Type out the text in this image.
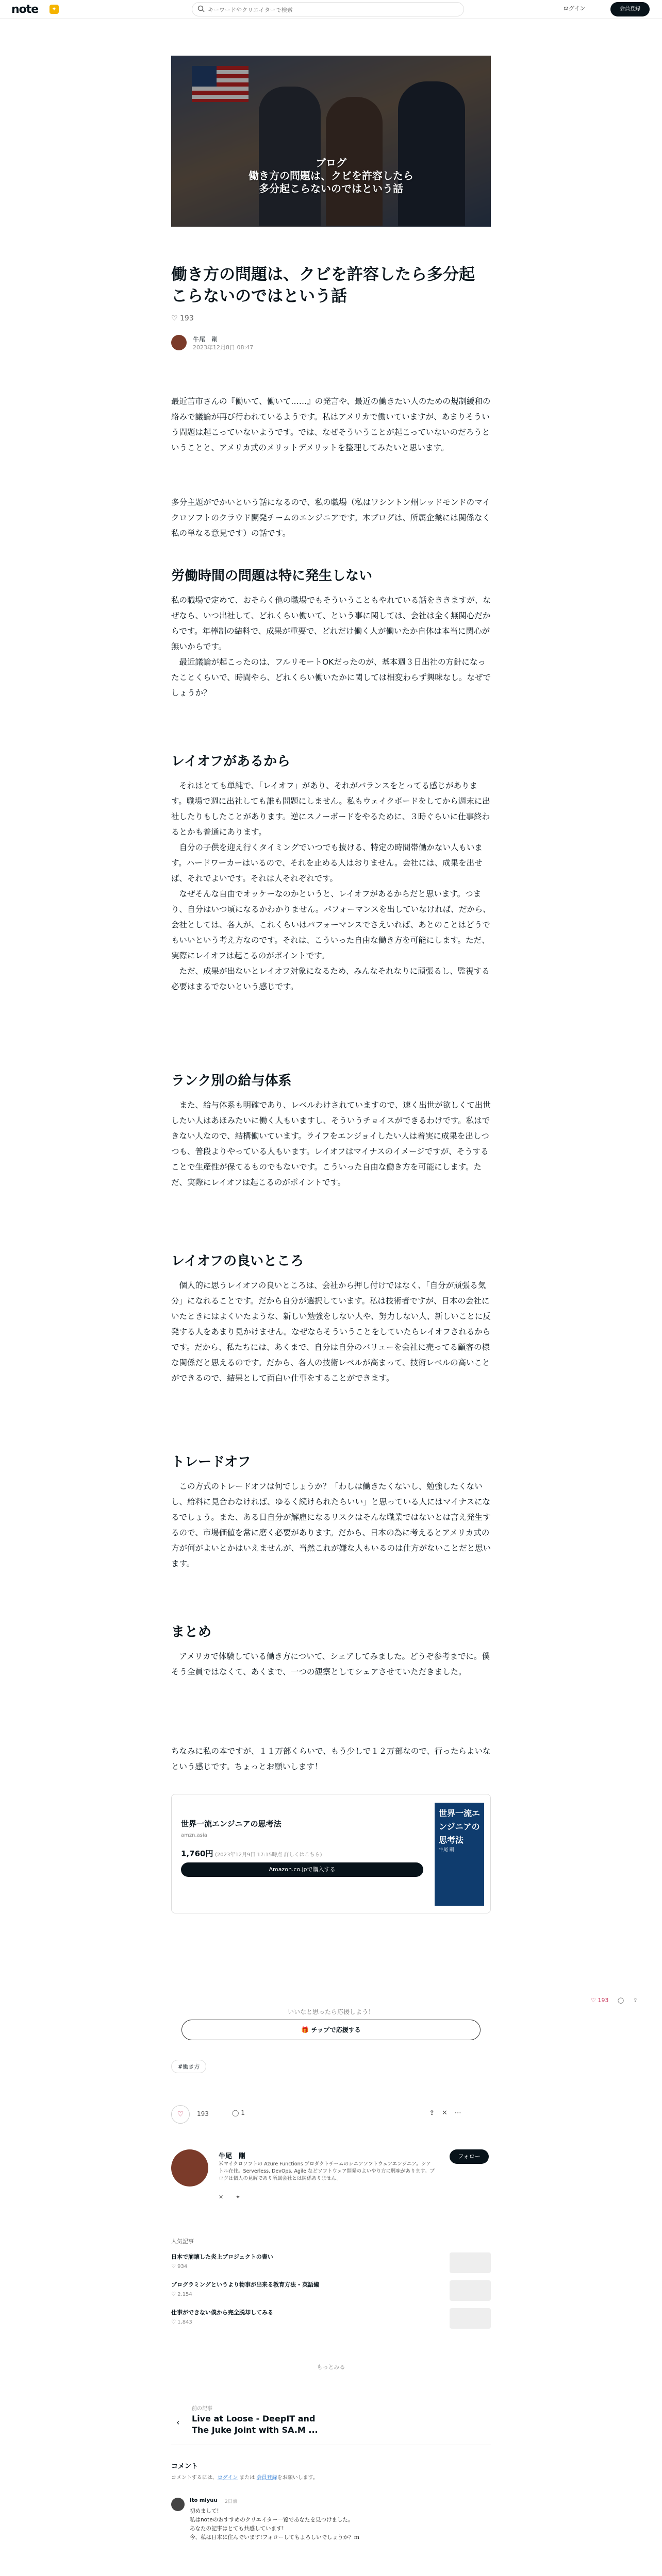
note	✦
キーワードやクリエイターで検索	ログイン	会員登録
ブログ
働き方の問題は、クビを許容したら
多分起こらないのではという話
働き方の問題は、クビを許容したら多分起
こらないのではという話
♡ 193
牛尾　剛
2023年12月8日 08:47

最近苫市さんの『働いて、働いて……』の発言や、最近の働きたい人のための規制緩和の絡みで議論が再び行われているようです。私はアメリカで働いていますが、あまりそういう問題は起こっていないようです。では、なぜそういうことが起こっていないのだろうということと、アメリカ式のメリットデメリットを整理してみたいと思います。

多分主題がでかいという話になるので、私の職場（私はワシントン州レッドモンドのマイクロソフトのクラウド開発チームのエンジニアです。本ブログは、所属企業には関係なく私の単なる意見です）の話です。

労働時間の問題は特に発生しない

私の職場で定めて、おそらく他の職場でもそういうこともやれている話をききますが、なぜなら、いつ出社して、どれくらい働いて、という事に関しては、会社は全く無関心だからです。年棒制の結料で、成果が重要で、どれだけ働く人が働いたか自体は本当に関心が無いからです。
　最近議論が起こったのは、フルリモートOKだったのが、基本週３日出社の方針になったことくらいで、時間やら、どれくらい働いたかに関しては相変わらず興味なし。なぜでしょうか？

レイオフがあるから

　それはとても単純で、「レイオフ」があり、それがバランスをとってる感じがあります。職場で週に出社しても誰も問題にしません。私もウェイクボードをしてから週末に出社したりもしたことがあります。逆にスノーボードをやるために、３時ぐらいに仕事終わるとかも普通にあります。
　自分の子供を迎え行くタイミングでいつでも抜ける、特定の時間帯働かない人もいます。ハードワーカーはいるので、それを止める人はおりません。会社には、成果を出せば、それでよいです。それは人それぞれです。
　なぜそんな自由でオッケーなのかというと、レイオフがあるからだと思います。つまり、自分はいつ頃になるかわかりません。パフォーマンスを出していなければ、だから、会社としては、各人が、これくらいはパフォーマンスでさえいれば、あとのことはどうでもいいという考え方なのです。それは、こういった自由な働き方を可能にします。ただ、実際にレイオフは起こるのがポイントです。
　ただ、成果が出ないとレイオフ対象になるため、みんなそれなりに頑張るし、監視する必要はまるでないという感じです。

ランク別の給与体系

　また、給与体系も明確であり、レベルわけされていますので、速く出世が欲しくて出世したい人はあほみたいに働く人もいますし、そういうチョイスができるわけです。私はできない人なので、結構働いています。ライフをエンジョイしたい人は着実に成果を出しつつも、普段よりやっている人もいます。レイオフはマイナスのイメージですが、そうすることで生産性が保てるものでもないです。こういった自由な働き方を可能にします。ただ、実際にレイオフは起こるのがポイントです。

レイオフの良いところ

　個人的に思うレイオフの良いところは、会社から押し付けではなく、「自分が頑張る気分」になれることです。だから自分が選択しています。私は技術者ですが、日本の会社にいたときにはよくいたような、新しい勉強をしない人や、努力しない人、新しいことに反発する人をあまり見かけません。なぜならそういうことをしていたらレイオフされるからです。だから、私たちには、あくまで、自分は自分のバリューを会社に売ってる顧客の様な関係だと思えるのです。だから、各人の技術レベルが高まって、技術レベルの高いことができるので、結果として面白い仕事をすることができます。

トレードオフ

　この方式のトレードオフは何でしょうか？「わしは働きたくないし、勉強したくないし、給料に見合わなければ、ゆるく続けられたらいい」と思っている人にはマイナスになるでしょう。また、ある日自分が解雇になるリスクはそんな職業ではないとは言え発生するので、市場価値を常に磨く必要があります。だから、日本の為に考えるとアメリカ式の方が何がよいとかはいえませんが、当然これが嫌な人もいるのは仕方がないことだと思います。

まとめ

　アメリカで体験している働き方について、シェアしてみました。どうぞ参考までに。僕そう全員ではなくて、あくまで、一つの観察としてシェアさせていただきました。

ちなみに私の本ですが、１１万部くらいで、もう少しで１２万部なので、行ったらよいなという感じです。ちょっとお願いします！

世界一流エンジニアの思考法
amzn.asia
1,760円 (2023年12月9日 17:15時点 詳しくはこちら)
Amazon.co.jpで購入する
世界一流エンジニアの思考法
牛尾 剛
いいなと思ったら応援しよう！
🎁 チップで応援する
#働き方
♡ 193 ◯ ⇪
♡	193	◯ 1	⇪✕⋯
牛尾　剛
米マイクロソフトの Azure Functions プロダクトチームのシニアソフトウェアエンジニア。シアトル在住。Serverless, DevOps, Agile などソフトウェア開発のよいやり方に興味があります。ブログは個人の見解であり所属会社とは関係ありません。
✕ ✦
フォロー
人気記事
日本で崩壊した炎上プロジェクトの書い
♡ 934
プログラミングというより物事が出来る教育方法 - 英語編
♡ 2,154
仕事ができない僕から完全脱却してみる
♡ 1,843
もっとみる
前の記事
‹ Live at Loose - DeepIT and
The Juke Joint with SA.M ...
コメント
コメントするには、ログイン または 会員登録をお願いします。
Ito miyuu 2日前
初めまして!
私はnoteのおすすめのクリエイター一覧であなたを見つけました。
あなたの記事はとても共感しています!
今、私は日本に住んでいます!フォローしてもよろしいでしょうか？ｍ
